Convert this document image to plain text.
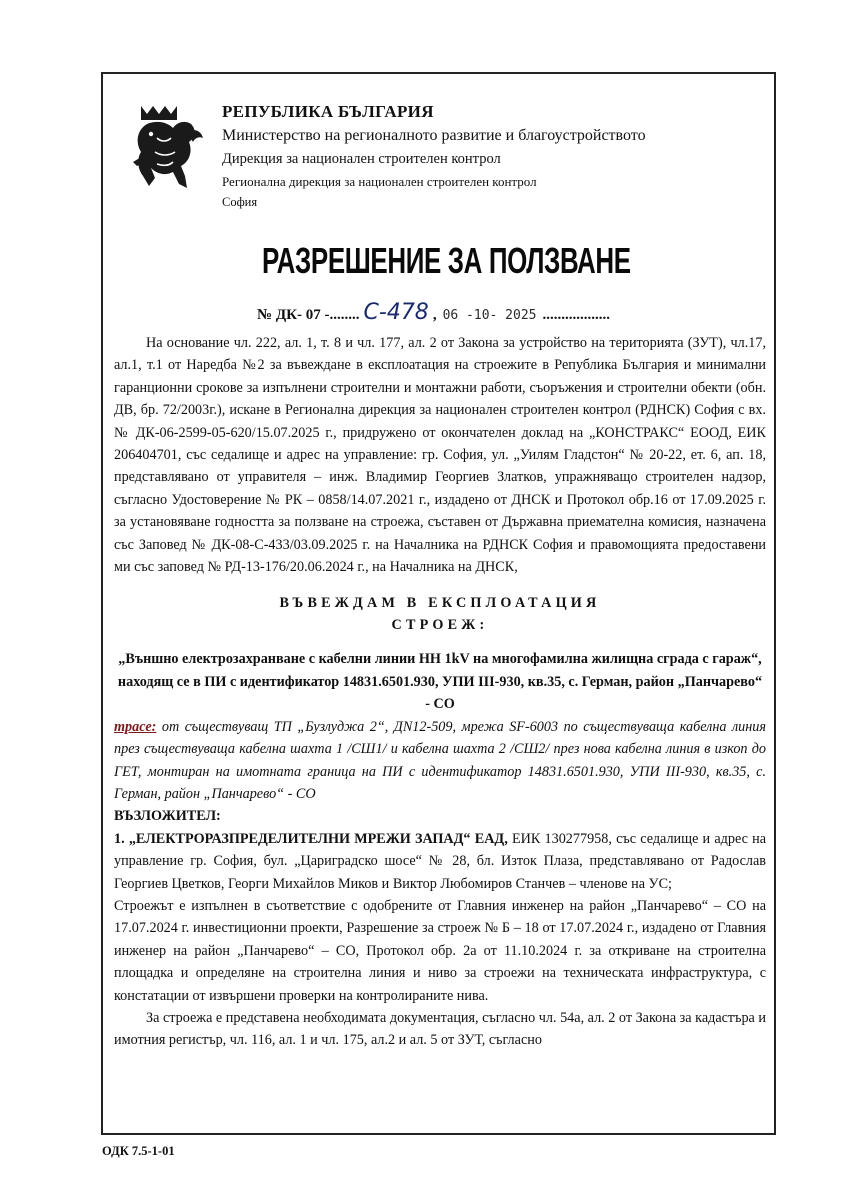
РЕПУБЛИКА БЪЛГАРИЯ
Министерство на регионалното развитие и благоустройството
Дирекция за национален строителен контрол
Регионална дирекция за национален строителен контрол
София
РАЗРЕШЕНИЕ ЗА ПОЛЗВАНЕ
№ ДК- 07 -........ С-478 , 06 -10- 2025 ..................

На основание чл. 222, ал. 1, т. 8 и чл. 177, ал. 2 от Закона за устройство на територията (ЗУТ), чл.17, ал.1, т.1 от Наредба №2 за въвеждане в експлоатация на строежите в Република България и минимални гаранционни срокове за изпълнени строителни и монтажни работи, съоръжения и строителни обекти (обн. ДВ, бр. 72/2003г.), искане в Регионална дирекция за национален строителен контрол (РДНСК) София с вх. № ДК-06-2599-05-620/15.07.2025 г., придружено от окончателен доклад на „КОНСТРАКС“ ЕООД, ЕИК 206404701, със седалище и адрес на управление: гр. София, ул. „Уилям Гладстон“ № 20-22, ет. 6, ап. 18, представлявано от управителя – инж. Владимир Георгиев Златков, упражняващо строителен надзор, съгласно Удостоверение № РК – 0858/14.07.2021 г., издадено от ДНСК и Протокол обр.16 от 17.09.2025 г. за установяване годността за ползване на строежа, съставен от Държавна приемателна комисия, назначена със Заповед № ДК-08-С-433/03.09.2025 г. на Началника на РДНСК София и правомощията предоставени ми със заповед № РД-13-176/20.06.2024 г., на Началника на ДНСК,

ВЪВЕЖДАМ В ЕКСПЛОАТАЦИЯ

СТРОЕЖ:

„Външно електрозахранване с кабелни линии НН 1kV на многофамилна жилищна сграда с гараж“, находящ се в ПИ с идентификатор 14831.6501.930, УПИ III-930, кв.35, с. Герман, район „Панчарево“ - СО

трасе: от съществуващ ТП „Бузлуджа 2“, ДN12-509, мрежа SF-6003 по съществуваща кабелна линия през съществуваща кабелна шахта 1 /СШ1/ и кабелна шахта 2 /СШ2/ през нова кабелна линия в изкоп до ГЕТ, монтиран на имотната граница на ПИ с идентификатор 14831.6501.930, УПИ III-930, кв.35, с. Герман, район „Панчарево“ - СО

ВЪЗЛОЖИТЕЛ:

1. „ЕЛЕКТРОРАЗПРЕДЕЛИТЕЛНИ МРЕЖИ ЗАПАД“ ЕАД, ЕИК 130277958, със седалище и адрес на управление гр. София, бул. „Цариградско шосе“ № 28, бл. Изток Плаза, представлявано от Радослав Георгиев Цветков, Георги Михайлов Миков и Виктор Любомиров Станчев – членове на УС;

Строежът е изпълнен в съответствие с одобрените от Главния инженер на район „Панчарево“ – СО на 17.07.2024 г. инвестиционни проекти, Разрешение за строеж № Б – 18 от 17.07.2024 г., издадено от Главния инженер на район „Панчарево“ – СО, Протокол обр. 2а от 11.10.2024 г. за откриване на строителна площадка и определяне на строителна линия и ниво за строежи на техническата инфраструктура, с констатации от извършени проверки на контролираните нива.

За строежа е представена необходимата документация, съгласно чл. 54а, ал. 2 от Закона за кадастъра и имотния регистър, чл. 116, ал. 1 и чл. 175, ал.2 и ал. 5 от ЗУТ, съгласно

ОДК 7.5-1-01
